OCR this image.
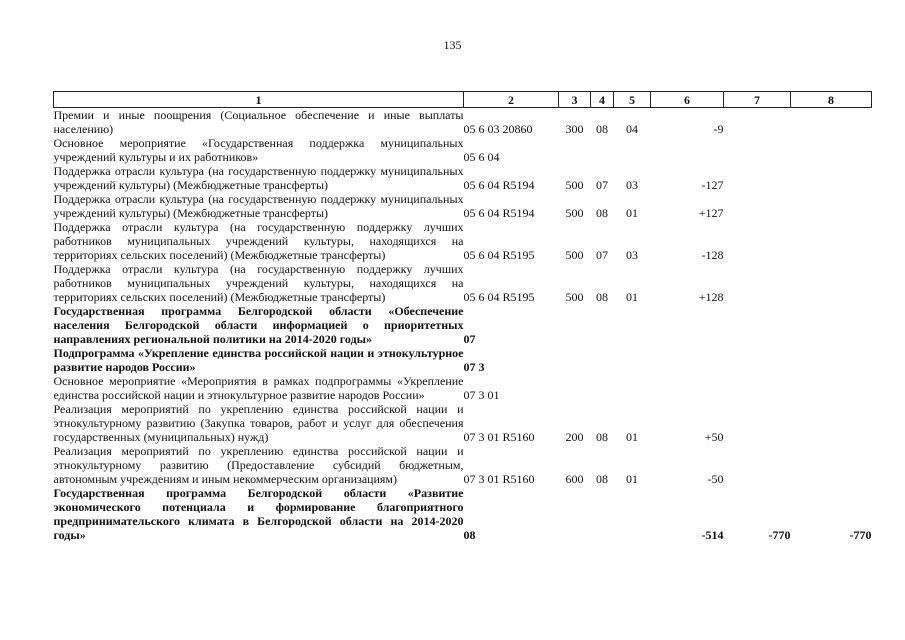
135
1	2	3	4	5	6	7	8
Премии и иные поощрения (Социальное обеспечение и иные выплаты населению)	05 6 03 20860	300	08	04	-9		
Основное мероприятие «Государственная поддержка муниципальных учреждений культуры и их работников»	05 6 04						
Поддержка отрасли культура (на государственную поддержку муниципальных учреждений культуры) (Межбюджетные трансферты)	05 6 04 R5194	500	07	03	-127		
Поддержка отрасли культура (на государственную поддержку муниципальных учреждений культуры) (Межбюджетные трансферты)	05 6 04 R5194	500	08	01	+127		
Поддержка отрасли культура (на государственную поддержку лучших работников муниципальных учреждений культуры, находящихся на территориях сельских поселений) (Межбюджетные трансферты)	05 6 04 R5195	500	07	03	-128		
Поддержка отрасли культура (на государственную поддержку лучших работников муниципальных учреждений культуры, находящихся на территориях сельских поселений) (Межбюджетные трансферты)	05 6 04 R5195	500	08	01	+128		
Государственная программа Белгородской области «Обеспечение населения Белгородской области информацией о приоритетных направлениях региональной политики на 2014-2020 годы»	07						
Подпрограмма «Укрепление единства российской нации и этнокультурное развитие народов России»	07 3						
Основное мероприятие «Мероприятия в рамках подпрограммы «Укрепление единства российской нации и этнокультурное развитие народов России»	07 3 01						
Реализация мероприятий по укреплению единства российской нации и этнокультурному развитию (Закупка товаров, работ и услуг для обеспечения государственных (муниципальных) нужд)	07 3 01 R5160	200	08	01	+50		
Реализация мероприятий по укреплению единства российской нации и этнокультурному развитию (Предоставление субсидий бюджетным, автономным учреждениям и иным некоммерческим организациям)	07 3 01 R5160	600	08	01	-50		
Государственная программа Белгородской области «Развитие экономического потенциала и формирование благоприятного предпринимательского климата в Белгородской области на 2014-2020 годы»	08				-514	-770	-770
